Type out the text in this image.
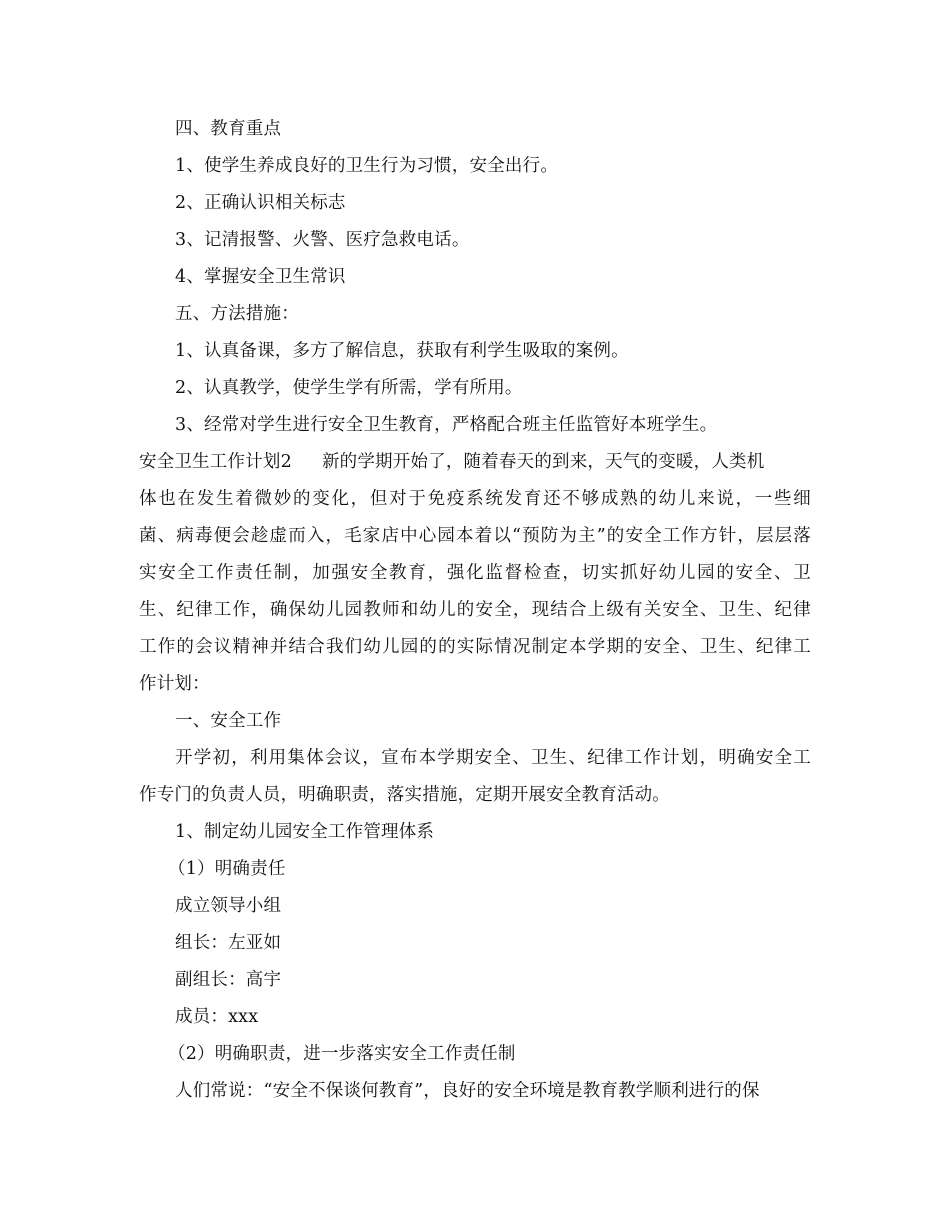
四、教育重点
1、使学生养成良好的卫生行为习惯，安全出行。
2、正确认识相关标志
3、记清报警、火警、医疗急救电话。
4、掌握安全卫生常识
五、方法措施：
1、认真备课，多方了解信息，获取有利学生吸取的案例。
2、认真教学，使学生学有所需，学有所用。
3、经常对学生进行安全卫生教育，严格配合班主任监管好本班学生。
安全卫生工作计划2 新的学期开始了，随着春天的到来，天气的变暖，人类机
体也在发生着微妙的变化，但对于免疫系统发育还不够成熟的幼儿来说，一些细
菌、病毒便会趁虚而入，毛家店中心园本着以“预防为主”的安全工作方针，层层落
实安全工作责任制，加强安全教育，强化监督检查，切实抓好幼儿园的安全、卫
生、纪律工作，确保幼儿园教师和幼儿的安全，现结合上级有关安全、卫生、纪律
工作的会议精神并结合我们幼儿园的的实际情况制定本学期的安全、卫生、纪律工
作计划：
一、安全工作
开学初，利用集体会议，宣布本学期安全、卫生、纪律工作计划，明确安全工
作专门的负责人员，明确职责，落实措施，定期开展安全教育活动。
1、制定幼儿园安全工作管理体系
（1）明确责任
成立领导小组
组长：左亚如
副组长：高宇
成员：xxx
（2）明确职责，进一步落实安全工作责任制
人们常说：“安全不保谈何教育”，良好的安全环境是教育教学顺利进行的保
